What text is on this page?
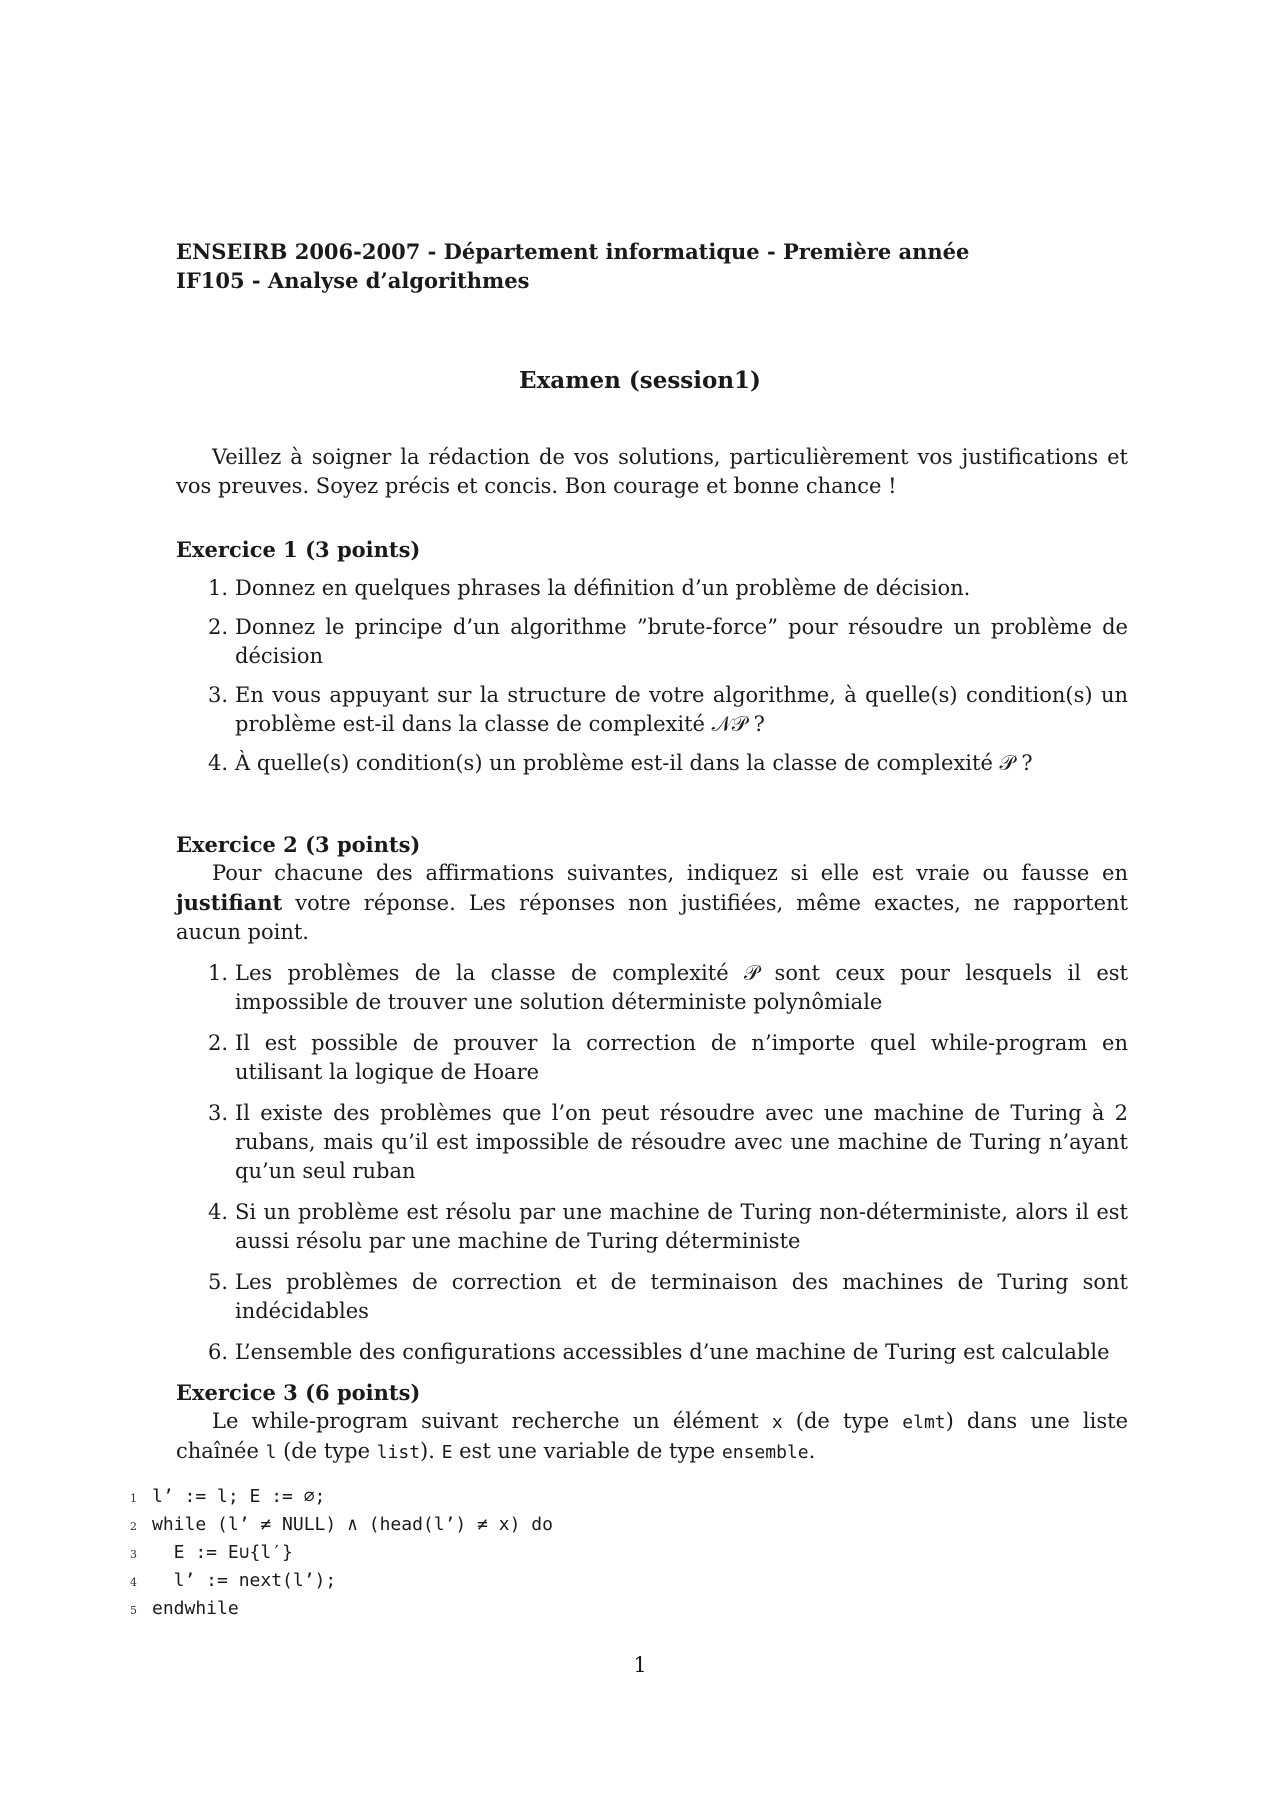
ENSEIRB 2006-2007 - Département informatique - Première année
IF105 - Analyse d’algorithmes
Examen (session1)
Veillez à soigner la rédaction de vos solutions, particulièrement vos justifications et vos preuves. Soyez précis et concis. Bon courage et bonne chance !
Exercice 1 (3 points)
1. Donnez en quelques phrases la définition d’un problème de décision.
2. Donnez le principe d’un algorithme ”brute-force” pour résoudre un problème de décision
3. En vous appuyant sur la structure de votre algorithme, à quelle(s) condition(s) un problème est-il dans la classe de complexité 𝒩𝒫 ?
4. À quelle(s) condition(s) un problème est-il dans la classe de complexité 𝒫 ?
Exercice 2 (3 points)

Pour chacune des affirmations suivantes, indiquez si elle est vraie ou fausse en justifiant votre réponse. Les réponses non justifiées, même exactes, ne rapportent aucun point.

1. Les problèmes de la classe de complexité 𝒫 sont ceux pour lesquels il est impossible de trouver une solution déterministe polynômiale
2. Il est possible de prouver la correction de n’importe quel while-program en utilisant la logique de Hoare
3. Il existe des problèmes que l’on peut résoudre avec une machine de Turing à 2 rubans, mais qu’il est impossible de résoudre avec une machine de Turing n’ayant qu’un seul ruban
4. Si un problème est résolu par une machine de Turing non-déterministe, alors il est aussi résolu par une machine de Turing déterministe
5. Les problèmes de correction et de terminaison des machines de Turing sont indécidables
6. L’ensemble des configurations accessibles d’une machine de Turing est calculable
Exercice 3 (6 points)

Le while-program suivant recherche un élément x (de type elmt) dans une liste chaînée l (de type list). E est une variable de type ensemble.

1 l’ := l; E := ∅;
2 while (l’ ≠ NULL) ∧ (head(l’) ≠ x) do
3  E := E∪{l′}
4  l’ := next(l’);
5 endwhile
1
